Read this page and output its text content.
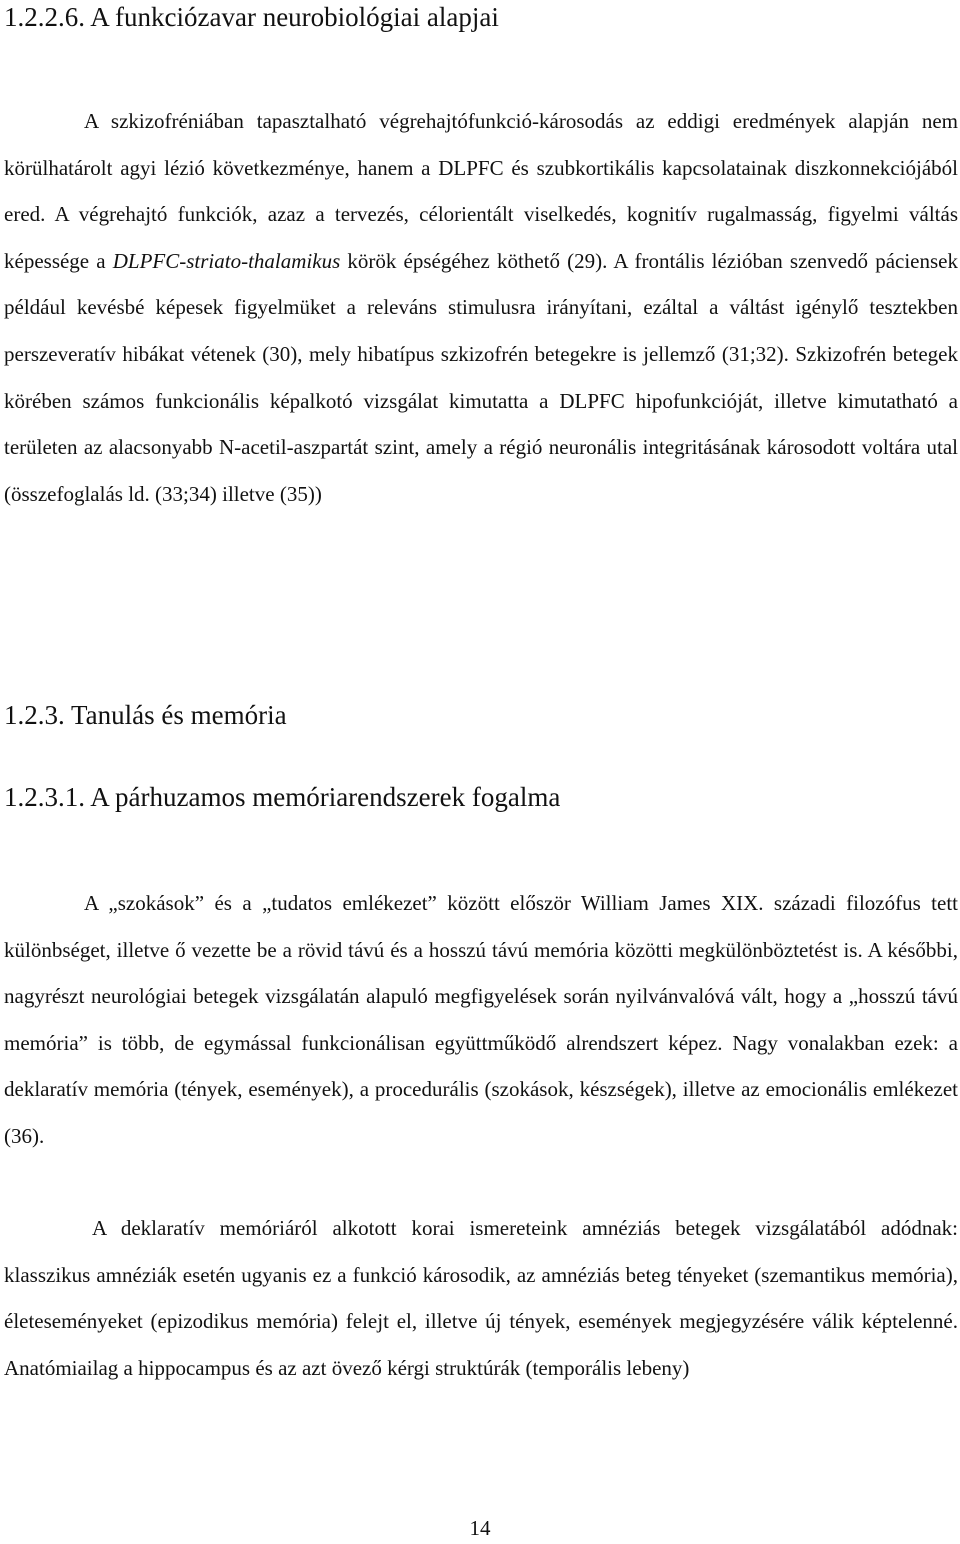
1.2.2.6. A funkciózavar neurobiológiai alapjai

A szkizofréniában tapasztalható végrehajtófunkció-károsodás az eddigi eredmények alapján nem körülhatárolt agyi lézió következménye, hanem a DLPFC és szubkortikális kapcsolatainak diszkonnekciójából ered. A végrehajtó funkciók, azaz a tervezés, célorientált viselkedés, kognitív rugalmasság, figyelmi váltás képessége a DLPFC-striato-thalamikus körök épségéhez köthető (29). A frontális lézióban szenvedő páciensek például kevésbé képesek figyelmüket a releváns stimulusra irányítani, ezáltal a váltást igénylő tesztekben perszeveratív hibákat vétenek (30), mely hibatípus szkizofrén betegekre is jellemző (31;32). Szkizofrén betegek körében számos funkcionális képalkotó vizsgálat kimutatta a DLPFC hipofunkcióját, illetve kimutatható a területen az alacsonyabb N-acetil-aszpartát szint, amely a régió neuronális integritásának károsodott voltára utal (összefoglalás ld. (33;34) illetve (35))

1.2.3. Tanulás és memória
1.2.3.1. A párhuzamos memóriarendszerek fogalma

A „szokások” és a „tudatos emlékezet” között először William James XIX. századi filozófus tett különbséget, illetve ő vezette be a rövid távú és a hosszú távú memória közötti megkülönböztetést is. A későbbi, nagyrészt neurológiai betegek vizsgálatán alapuló megfigyelések során nyilvánvalóvá vált, hogy a „hosszú távú memória” is több, de egymással funkcionálisan együttműködő alrendszert képez. Nagy vonalakban ezek: a deklaratív memória (tények, események), a procedurális (szokások, készségek), illetve az emocionális emlékezet (36).

A deklaratív memóriáról alkotott korai ismereteink amnéziás betegek vizsgálatából adódnak: klasszikus amnéziák esetén ugyanis ez a funkció károsodik, az amnéziás beteg tényeket (szemantikus memória), életeseményeket (epizodikus memória) felejt el, illetve új tények, események megjegyzésére válik képtelenné. Anatómiailag a hippocampus és az azt övező kérgi struktúrák (temporális lebeny)

14
